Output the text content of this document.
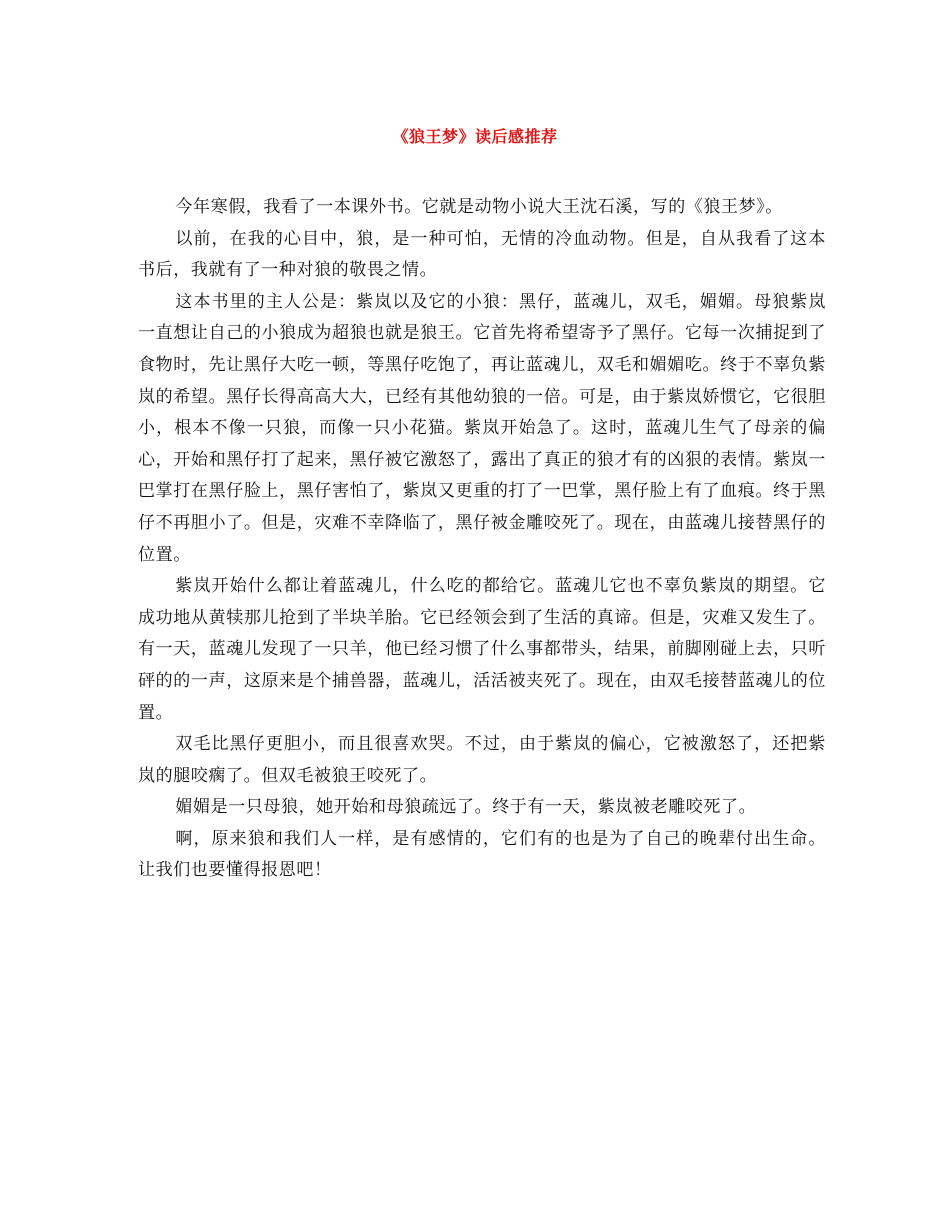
《狼王梦》读后感推荐

今年寒假，我看了一本课外书。它就是动物小说大王沈石溪，写的《狼王梦》。

以前，在我的心目中，狼，是一种可怕，无情的冷血动物。但是，自从我看了这本书后，我就有了一种对狼的敬畏之情。

这本书里的主人公是：紫岚以及它的小狼：黑仔，蓝魂儿，双毛，媚媚。母狼紫岚一直想让自己的小狼成为超狼也就是狼王。它首先将希望寄予了黑仔。它每一次捕捉到了食物时，先让黑仔大吃一顿，等黑仔吃饱了，再让蓝魂儿，双毛和媚媚吃。终于不辜负紫岚的希望。黑仔长得高高大大，已经有其他幼狼的一倍。可是，由于紫岚娇惯它，它很胆小，根本不像一只狼，而像一只小花猫。紫岚开始急了。这时，蓝魂儿生气了母亲的偏心，开始和黑仔打了起来，黑仔被它激怒了，露出了真正的狼才有的凶狠的表情。紫岚一巴掌打在黑仔脸上，黑仔害怕了，紫岚又更重的打了一巴掌，黑仔脸上有了血痕。终于黑仔不再胆小了。但是，灾难不幸降临了，黑仔被金雕咬死了。现在，由蓝魂儿接替黑仔的位置。

紫岚开始什么都让着蓝魂儿，什么吃的都给它。蓝魂儿它也不辜负紫岚的期望。它成功地从黄犊那儿抢到了半块羊胎。它已经领会到了生活的真谛。但是，灾难又发生了。有一天，蓝魂儿发现了一只羊，他已经习惯了什么事都带头，结果，前脚刚碰上去，只听砰的的一声，这原来是个捕兽器，蓝魂儿，活活被夹死了。现在，由双毛接替蓝魂儿的位置。

双毛比黑仔更胆小，而且很喜欢哭。不过，由于紫岚的偏心，它被激怒了，还把紫岚的腿咬瘸了。但双毛被狼王咬死了。

媚媚是一只母狼，她开始和母狼疏远了。终于有一天，紫岚被老雕咬死了。

啊，原来狼和我们人一样，是有感情的，它们有的也是为了自己的晚辈付出生命。让我们也要懂得报恩吧！
